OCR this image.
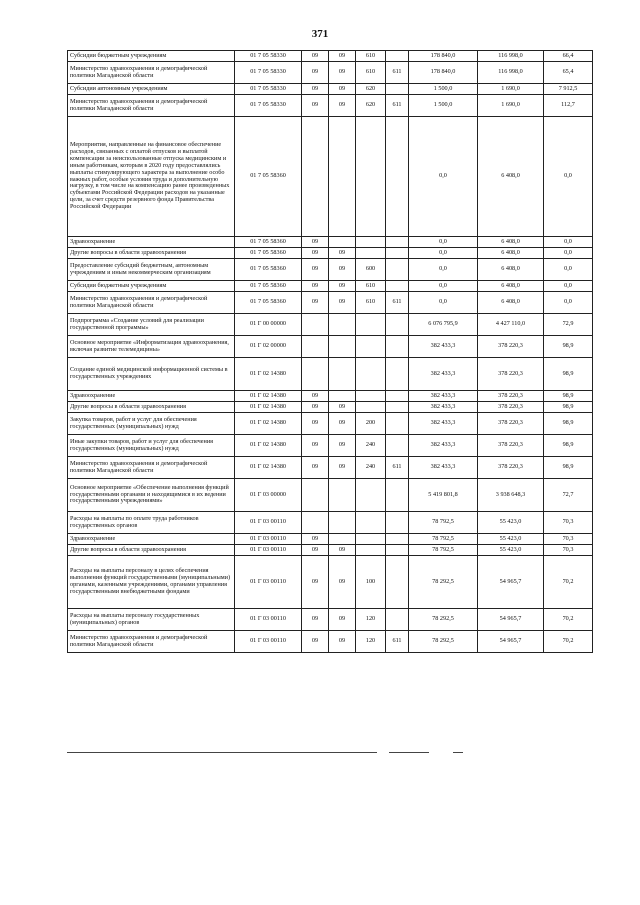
371
Субсидии бюджетным учреждениям	01 7 05 58330	09	09	610		178 840,0	116 998,0	66,4
Министерство здравоохранения и демографической политики Магаданской области	01 7 05 58330	09	09	610	611	178 840,0	116 998,0	65,4
Субсидии автономным учреждениям	01 7 05 58330	09	09	620		1 500,0	1 690,0	7 912,5
Министерство здравоохранения и демографической политики Магаданской области	01 7 05 58330	09	09	620	611	1 500,0	1 690,0	112,7
Мероприятия, направленные на финансовое обеспечение расходов, связанных с оплатой отпусков и выплатой компенсации за неиспользованные отпуска медицинским и иным работникам, которым в 2020 году предоставлялись выплаты стимулирующего характера за выполнение особо важных работ, особые условия труда и дополнительную нагрузку, в том числе на компенсацию ранее произведенных субъектами Российской Федерации расходов на указанные цели, за счет средств резервного фонда Правительства Российской Федерации	01 7 05 58360					0,0	6 408,0	0,0
Здравоохранение	01 7 05 58360	09				0,0	6 408,0	0,0
Другие вопросы в области здравоохранения	01 7 05 58360	09	09			0,0	6 408,0	0,0
Предоставление субсидий бюджетным, автономным учреждениям и иным некоммерческим организациям	01 7 05 58360	09	09	600		0,0	6 408,0	0,0
Субсидии бюджетным учреждениям	01 7 05 58360	09	09	610		0,0	6 408,0	0,0
Министерство здравоохранения и демографической политики Магаданской области	01 7 05 58360	09	09	610	611	0,0	6 408,0	0,0
Подпрограмма «Создание условий для реализации государственной программы»	01 Г 00 00000					6 076 795,9	4 427 110,0	72,9
Основное мероприятие «Информатизация здравоохранения, включая развитие телемедицины»	01 Г 02 00000					382 433,3	378 220,3	98,9
Создание единой медицинской информационной системы в государственных учреждениях	01 Г 02 14380					382 433,3	378 220,3	98,9
Здравоохранение	01 Г 02 14380	09				382 433,3	378 220,3	98,9
Другие вопросы в области здравоохранения	01 Г 02 14380	09	09			382 433,3	378 220,3	98,9
Закупка товаров, работ и услуг для обеспечения государственных (муниципальных) нужд	01 Г 02 14380	09	09	200		382 433,3	378 220,3	98,9
Иные закупки товаров, работ и услуг для обеспечения государственных (муниципальных) нужд	01 Г 02 14380	09	09	240		382 433,3	378 220,3	98,9
Министерство здравоохранения и демографической политики Магаданской области	01 Г 02 14380	09	09	240	611	382 433,3	378 220,3	98,9
Основное мероприятие «Обеспечение выполнения функций государственными органами и находящимися в их ведении государственными учреждениями»	01 Г 03 00000					5 419 801,8	3 938 648,3	72,7
Расходы на выплаты по оплате труда работников государственных органов	01 Г 03 00110					78 792,5	55 423,0	70,3
Здравоохранение	01 Г 03 00110	09				78 792,5	55 423,0	70,3
Другие вопросы в области здравоохранения	01 Г 03 00110	09	09			78 792,5	55 423,0	70,3
Расходы на выплаты персоналу в целях обеспечения выполнения функций государственными (муниципальными) органами, казенными учреждениями, органами управления государственными внебюджетными фондами	01 Г 03 00110	09	09	100		78 292,5	54 965,7	70,2
Расходы на выплаты персоналу государственных (муниципальных) органов	01 Г 03 00110	09	09	120		78 292,5	54 965,7	70,2
Министерство здравоохранения и демографической политики Магаданской области	01 Г 03 00110	09	09	120	611	78 292,5	54 965,7	70,2
